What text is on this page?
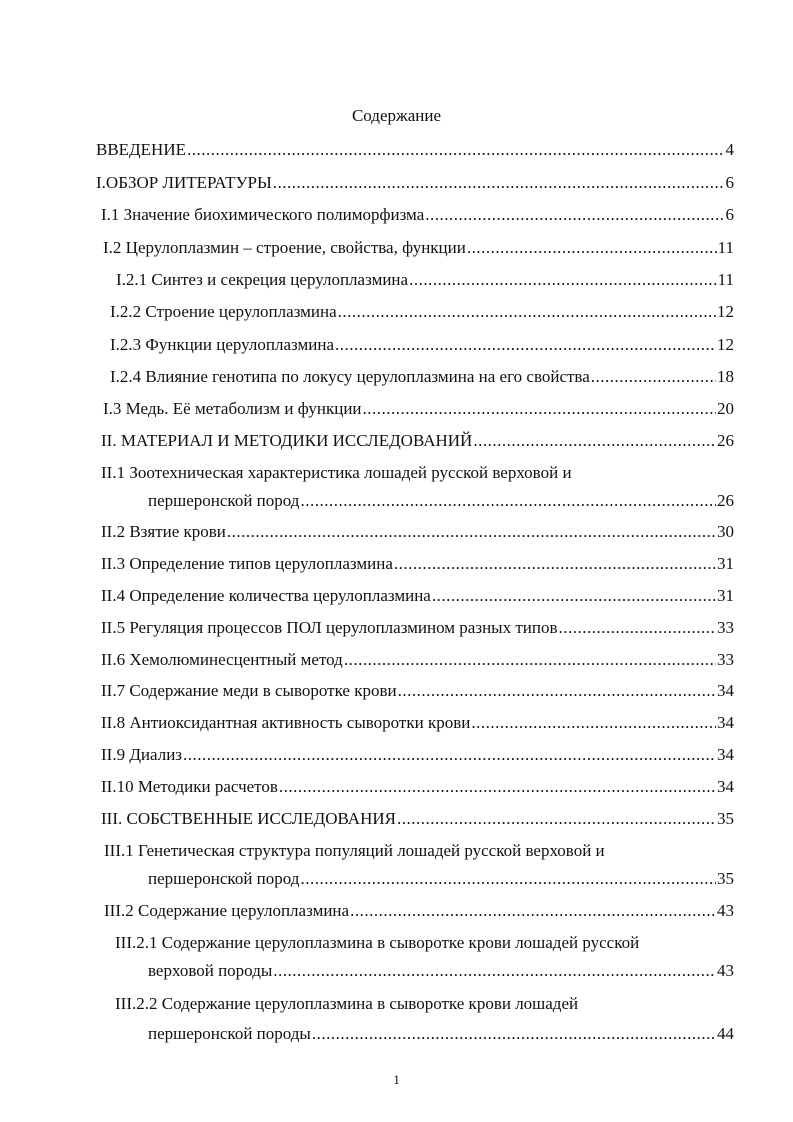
Содержание
ВВЕДЕНИЕ .....	4
I.ОБЗОР ЛИТЕРАТУРЫ .....	6
I.1 Значение биохимического полиморфизма .....	6
I.2 Церулоплазмин – строение, свойства, функции .....	11
I.2.1 Синтез и секреция церулоплазмина .....	11
I.2.2 Строение церулоплазмина .....	12
I.2.3 Функции церулоплазмина .....	12
I.2.4 Влияние генотипа по локусу церулоплазмина на его свойства .....	18
I.3 Медь. Её метаболизм и функции .....	20
II. МАТЕРИАЛ И МЕТОДИКИ ИССЛЕДОВАНИЙ .....	26
II.1 Зоотехническая характеристика лошадей русской верховой и
першеронской пород .....	26
II.2 Взятие крови .....	30
II.3 Определение типов церулоплазмина .....	31
II.4 Определение количества церулоплазмина .....	31
II.5 Регуляция процессов ПОЛ церулоплазмином разных типов .....	33
II.6 Хемолюминесцентный метод .....	33
II.7 Содержание меди в сыворотке крови .....	34
II.8 Антиоксидантная активность сыворотки крови .....	34
II.9 Диализ .....	34
II.10 Методики расчетов .....	34
III. СОБСТВЕННЫЕ ИССЛЕДОВАНИЯ .....	35
III.1 Генетическая структура популяций лошадей русской верховой и
першеронской пород .....	35
III.2 Содержание церулоплазмина .....	43
III.2.1 Содержание церулоплазмина в сыворотке крови лошадей русской
верховой породы .....	43
III.2.2 Содержание церулоплазмина в сыворотке крови лошадей
першеронской породы .....	44
1
